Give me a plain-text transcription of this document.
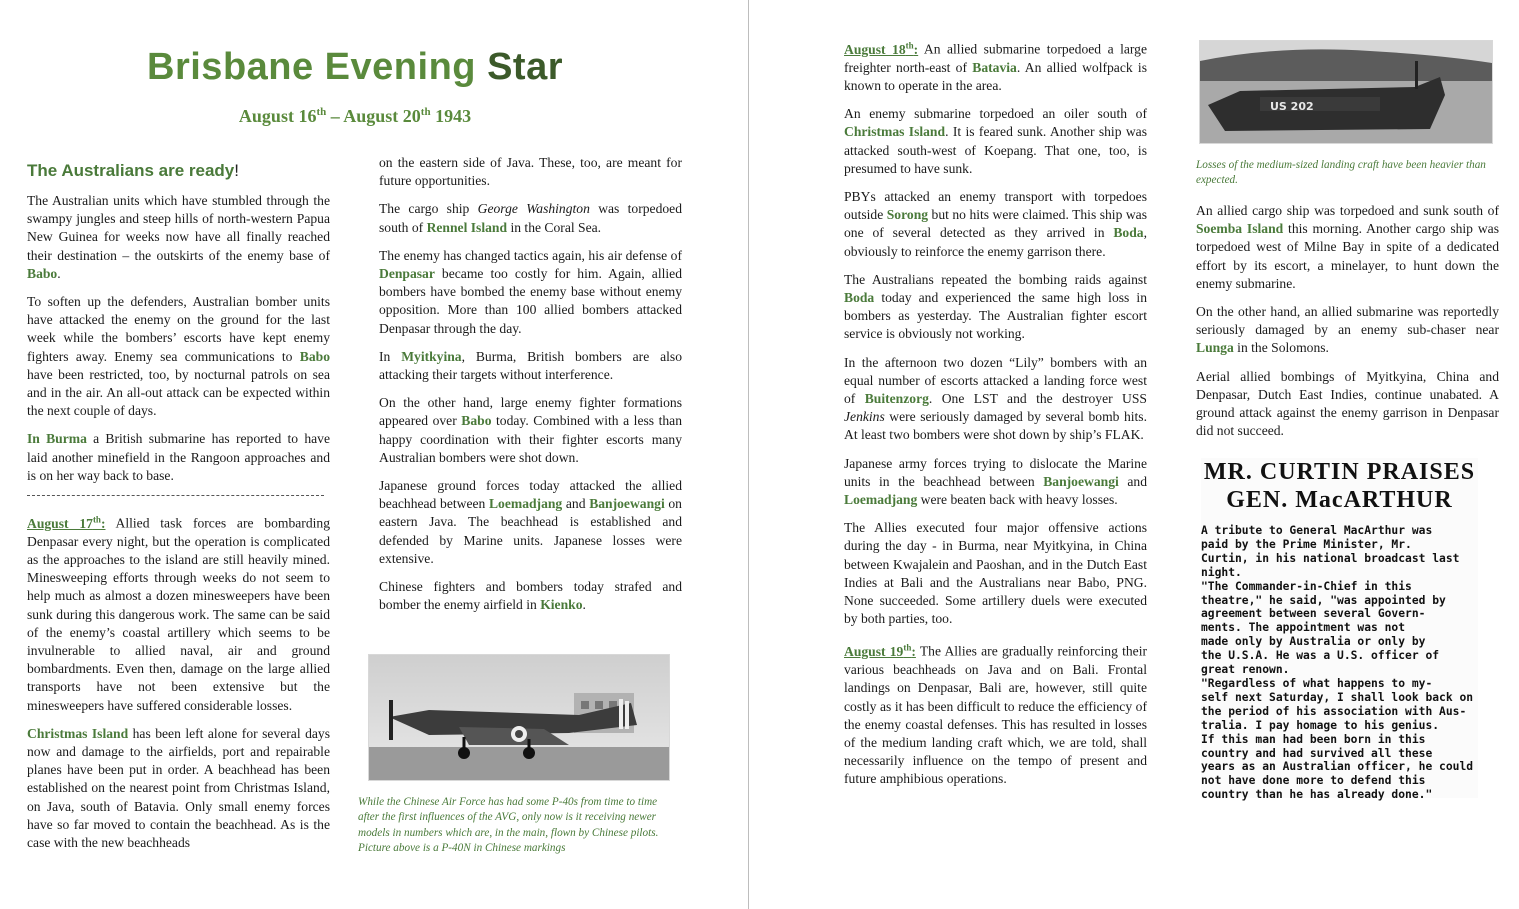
Brisbane Evening Star
August 16th – August 20th 1943
The Australians are ready!

The Australian units which have stumbled through the swampy jungles and steep hills of north-western Papua New Guinea for weeks now have all finally reached their destination – the outskirts of the enemy base of Babo.

To soften up the defenders, Australian bomber units have attacked the enemy on the ground for the last week while the bombers’ escorts have kept enemy fighters away. Enemy sea communications to Babo have been restricted, too, by nocturnal patrols on sea and in the air. An all-out attack can be expected within the next couple of days.

In Burma a British submarine has reported to have laid another minefield in the Rangoon approaches and is on her way back to base.

August 17th: Allied task forces are bombarding Denpasar every night, but the operation is complicated as the approaches to the island are still heavily mined. Minesweeping efforts through weeks do not seem to help much as almost a dozen minesweepers have been sunk during this dangerous work. The same can be said of the enemy’s coastal artillery which seems to be invulnerable to allied naval, air and ground bombardments. Even then, damage on the large allied transports have not been extensive but the minesweepers have suffered considerable losses.

Christmas Island has been left alone for several days now and damage to the airfields, port and repairable planes have been put in order. A beachhead has been established on the nearest point from Christmas Island, on Java, south of Batavia. Only small enemy forces have so far moved to contain the beachhead. As is the case with the new beachheads

on the eastern side of Java. These, too, are meant for future opportunities.

The cargo ship George Washington was torpedoed south of Rennel Island in the Coral Sea.

The enemy has changed tactics again, his air defense of Denpasar became too costly for him. Again, allied bombers have bombed the enemy base without enemy opposition. More than 100 allied bombers attacked Denpasar through the day.

In Myitkyina, Burma, British bombers are also attacking their targets without interference.

On the other hand, large enemy fighter formations appeared over Babo today. Combined with a less than happy coordination with their fighter escorts many Australian bombers were shot down.

Japanese ground forces today attacked the allied beachhead between Loemadjang and Banjoewangi on eastern Java. The beachhead is established and defended by Marine units. Japanese losses were extensive.

Chinese fighters and bombers today strafed and bomber the enemy airfield in Kienko.

While the Chinese Air Force has had some P-40s from time to time after the first influences of the AVG, only now is it receiving newer models in numbers which are, in the main, flown by Chinese pilots. Picture above is a P-40N in Chinese markings

August 18th: An allied submarine torpedoed a large freighter north-east of Batavia. An allied wolfpack is known to operate in the area.

An enemy submarine torpedoed an oiler south of Christmas Island. It is feared sunk. Another ship was attacked south-west of Koepang. That one, too, is presumed to have sunk.

PBYs attacked an enemy transport with torpedoes outside Sorong but no hits were claimed. This ship was one of several detected as they arrived in Boda, obviously to reinforce the enemy garrison there.

The Australians repeated the bombing raids against Boda today and experienced the same high loss in bombers as yesterday. The Australian fighter escort service is obviously not working.

In the afternoon two dozen “Lily” bombers with an equal number of escorts attacked a landing force west of Buitenzorg. One LST and the destroyer USS Jenkins were seriously damaged by several bomb hits. At least two bombers were shot down by ship’s FLAK.

Japanese army forces trying to dislocate the Marine units in the beachhead between Banjoewangi and Loemadjang were beaten back with heavy losses.

The Allies executed four major offensive actions during the day - in Burma, near Myitkyina, in China between Kwajalein and Paoshan, and in the Dutch East Indies at Bali and the Australians near Babo, PNG. None succeeded. Some artillery duels were executed by both parties, too.

August 19th: The Allies are gradually reinforcing their various beachheads on Java and on Bali. Frontal landings on Denpasar, Bali are, however, still quite costly as it has been difficult to reduce the efficiency of the enemy coastal defenses. This has resulted in losses of the medium landing craft which, we are told, shall necessarily influence on the tempo of present and future amphibious operations.

US 202
Losses of the medium-sized landing craft have been heavier than expected.

An allied cargo ship was torpedoed and sunk south of Soemba Island this morning. Another cargo ship was torpedoed west of Milne Bay in spite of a dedicated effort by its escort, a minelayer, to hunt down the enemy submarine.

On the other hand, an allied submarine was reportedly seriously damaged by an enemy sub-chaser near Lunga in the Solomons.

Aerial allied bombings of Myitkyina, China and Denpasar, Dutch East Indies, continue unabated. A ground attack against the enemy garrison in Denpasar did not succeed.

MR. CURTIN PRAISES
GEN. MacARTHUR
A tribute to General MacArthur was
paid by the Prime Minister, Mr.
Curtin, in his national broadcast last
night.
"The Commander-in-Chief in this
theatre," he said, "was appointed by
agreement between several Govern-
ments. The appointment was not
made only by Australia or only by
the U.S.A. He was a U.S. officer of
great renown.
"Regardless of what happens to my-
self next Saturday, I shall look back on
the period of his association with Aus-
tralia. I pay homage to his genius.
If this man had been born in this
country and had survived all these
years as an Australian officer, he could
not have done more to defend this
country than he has already done."
